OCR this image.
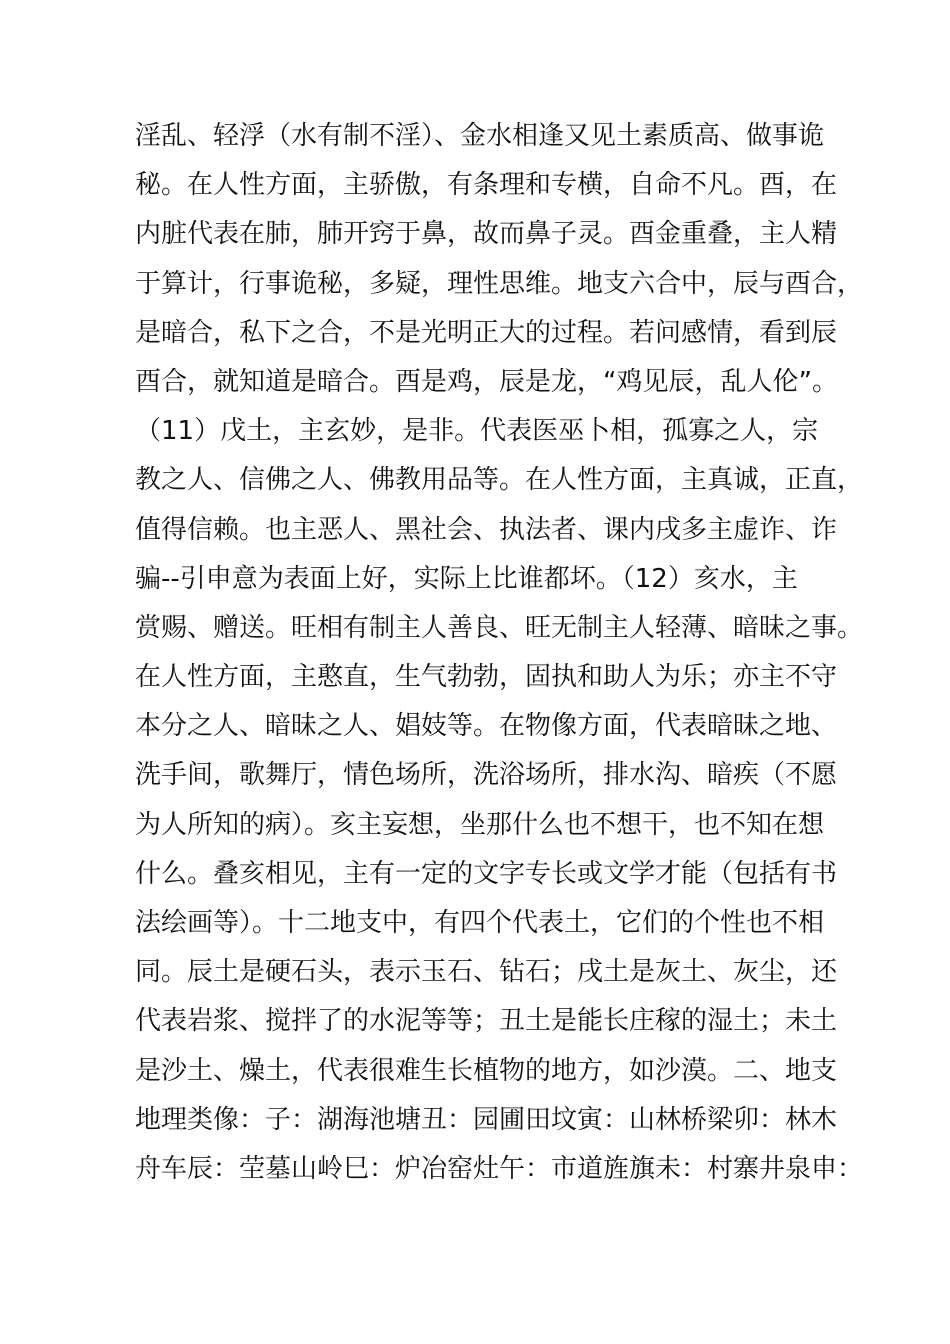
淫乱、轻浮（水有制不淫）、金水相逢又见土素质高、做事诡
秘。在人性方面，主骄傲，有条理和专横，自命不凡。酉，在
内脏代表在肺，肺开窍于鼻，故而鼻子灵。酉金重叠，主人精
于算计，行事诡秘，多疑，理性思维。地支六合中，辰与酉合，
是暗合，私下之合，不是光明正大的过程。若问感情，看到辰
酉合，就知道是暗合。酉是鸡，辰是龙，“鸡见辰，乱人伦”。
（11）戊土，主玄妙，是非。代表医巫卜相，孤寡之人，宗
教之人、信佛之人、佛教用品等。在人性方面，主真诚，正直，
值得信赖。也主恶人、黑社会、执法者、课内戌多主虚诈、诈
骗--引申意为表面上好，实际上比谁都坏。（12）亥水，主
赏赐、赠送。旺相有制主人善良、旺无制主人轻薄、暗昧之事。
在人性方面，主憨直，生气勃勃，固执和助人为乐；亦主不守
本分之人、暗昧之人、娼妓等。在物像方面，代表暗昧之地、
洗手间，歌舞厅，情色场所，洗浴场所，排水沟、暗疾（不愿
为人所知的病）。亥主妄想，坐那什么也不想干，也不知在想
什么。叠亥相见，主有一定的文字专长或文学才能（包括有书
法绘画等）。十二地支中，有四个代表土，它们的个性也不相
同。辰土是硬石头，表示玉石、钻石；戌土是灰土、灰尘，还
代表岩浆、搅拌了的水泥等等；丑土是能长庄稼的湿土；未土
是沙土、燥土，代表很难生长植物的地方，如沙漠。二、地支
地理类像：子：湖海池塘丑：园圃田坟寅：山林桥梁卯：林木
舟车辰：茔墓山岭巳：炉冶窑灶午：市道旌旗未：村寨井泉申：
